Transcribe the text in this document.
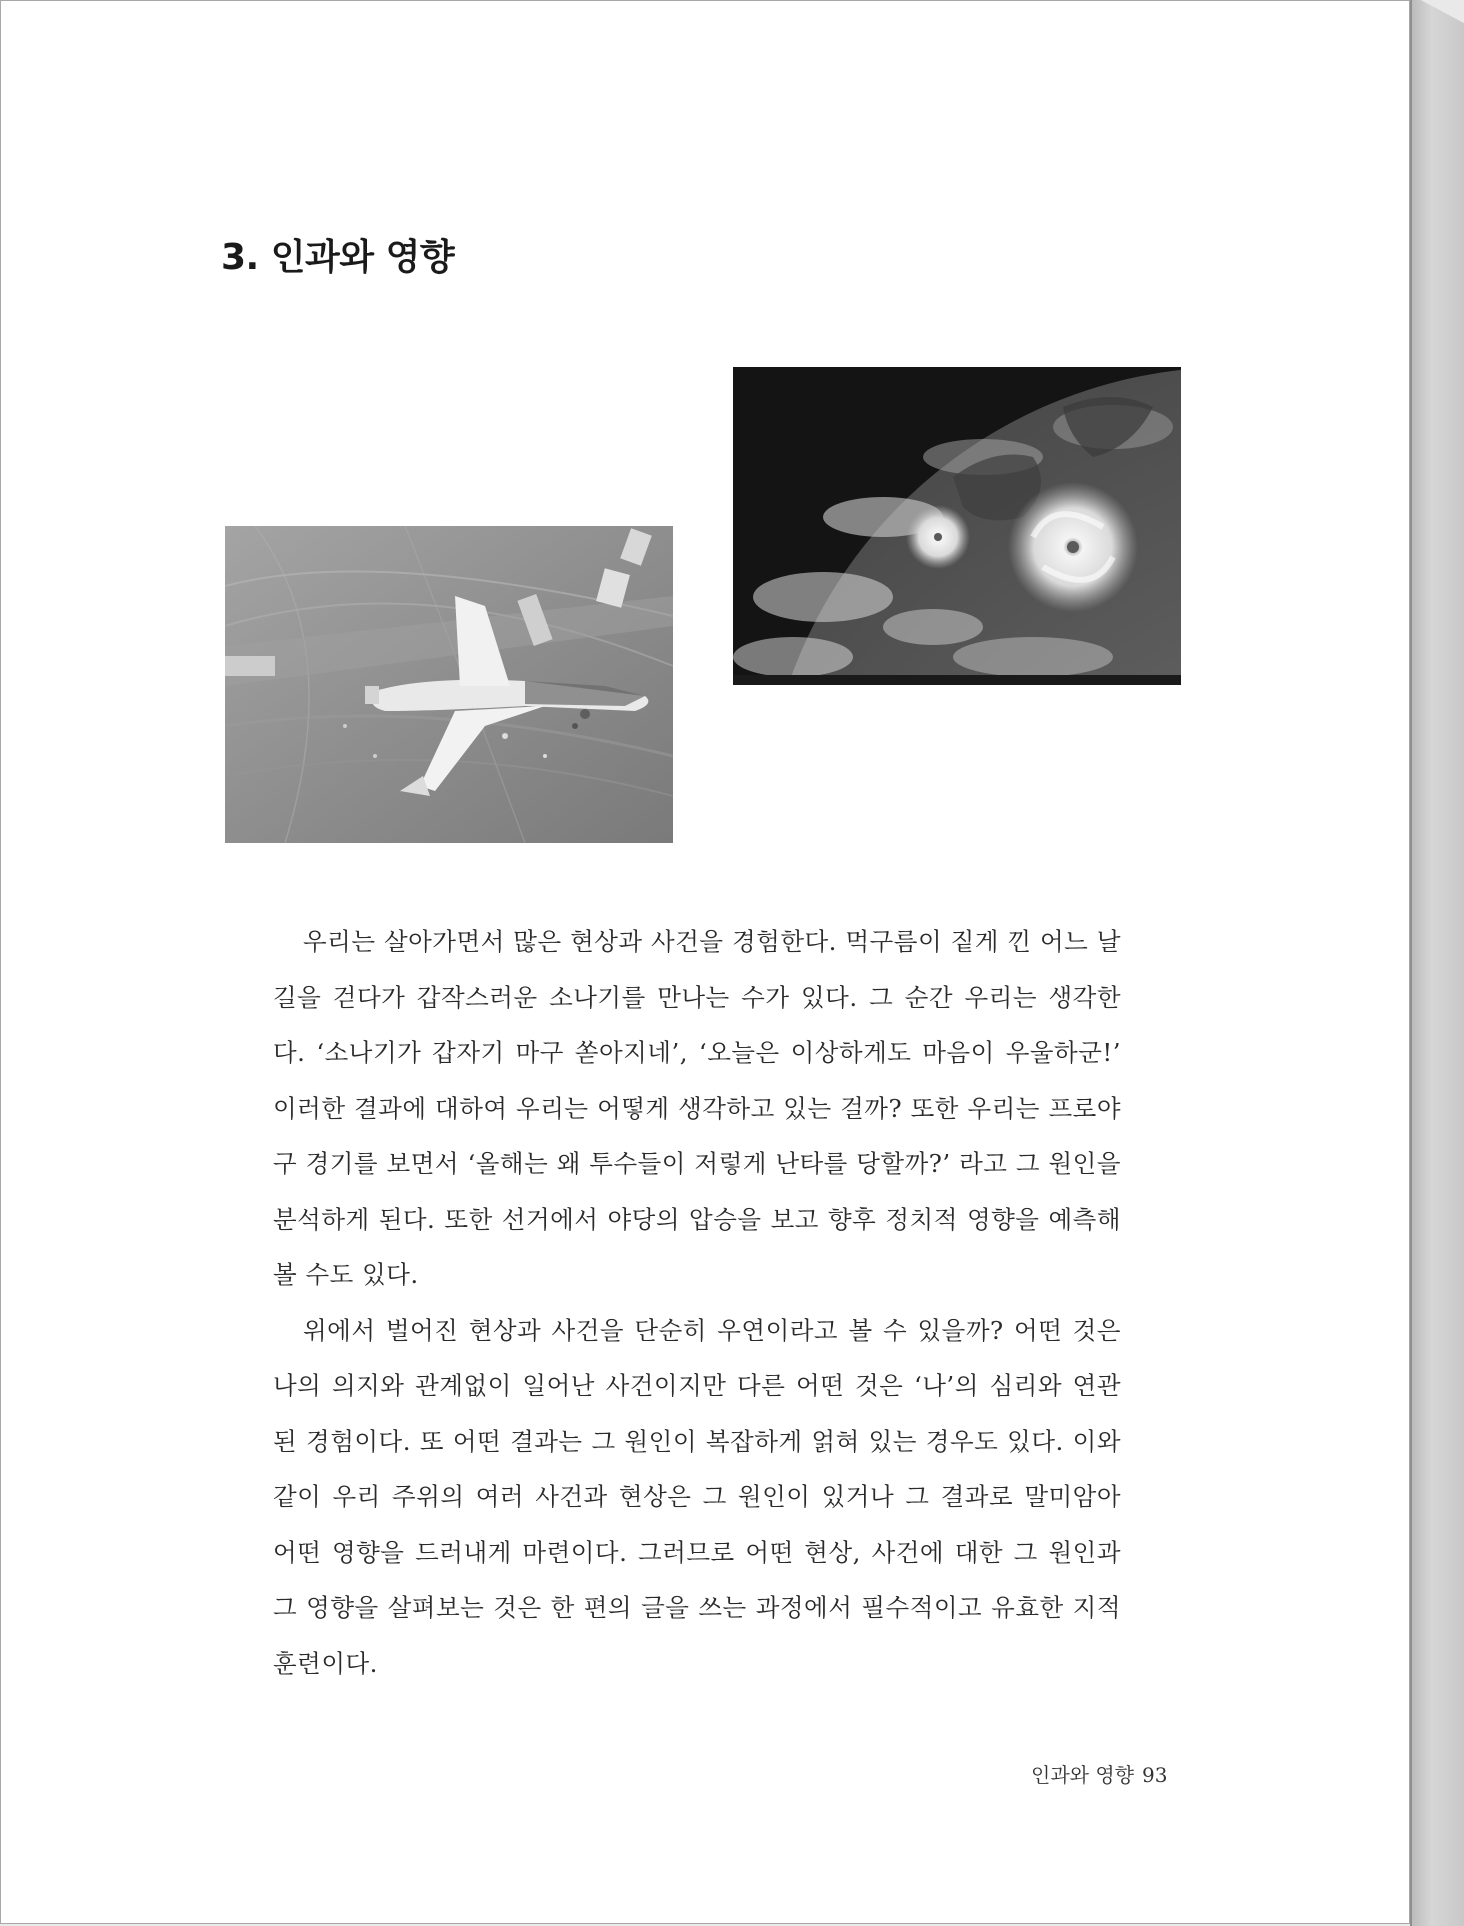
3. 인과와 영향

우리는 살아가면서 많은 현상과 사건을 경험한다. 먹구름이 짙게 낀 어느 날 길을 걷다가 갑작스러운 소나기를 만나는 수가 있다. 그 순간 우리는 생각한다. ‘소나기가 갑자기 마구 쏟아지네’, ‘오늘은 이상하게도 마음이 우울하군!’ 이러한 결과에 대하여 우리는 어떻게 생각하고 있는 걸까? 또한 우리는 프로야구 경기를 보면서 ‘올해는 왜 투수들이 저렇게 난타를 당할까?’ 라고 그 원인을 분석하게 된다. 또한 선거에서 야당의 압승을 보고 향후 정치적 영향을 예측해 볼 수도 있다.

위에서 벌어진 현상과 사건을 단순히 우연이라고 볼 수 있을까? 어떤 것은 나의 의지와 관계없이 일어난 사건이지만 다른 어떤 것은 ‘나’의 심리와 연관된 경험이다. 또 어떤 결과는 그 원인이 복잡하게 얽혀 있는 경우도 있다. 이와 같이 우리 주위의 여러 사건과 현상은 그 원인이 있거나 그 결과로 말미암아 어떤 영향을 드러내게 마련이다. 그러므로 어떤 현상, 사건에 대한 그 원인과 그 영향을 살펴보는 것은 한 편의 글을 쓰는 과정에서 필수적이고 유효한 지적 훈련이다.

인과와 영향 93
